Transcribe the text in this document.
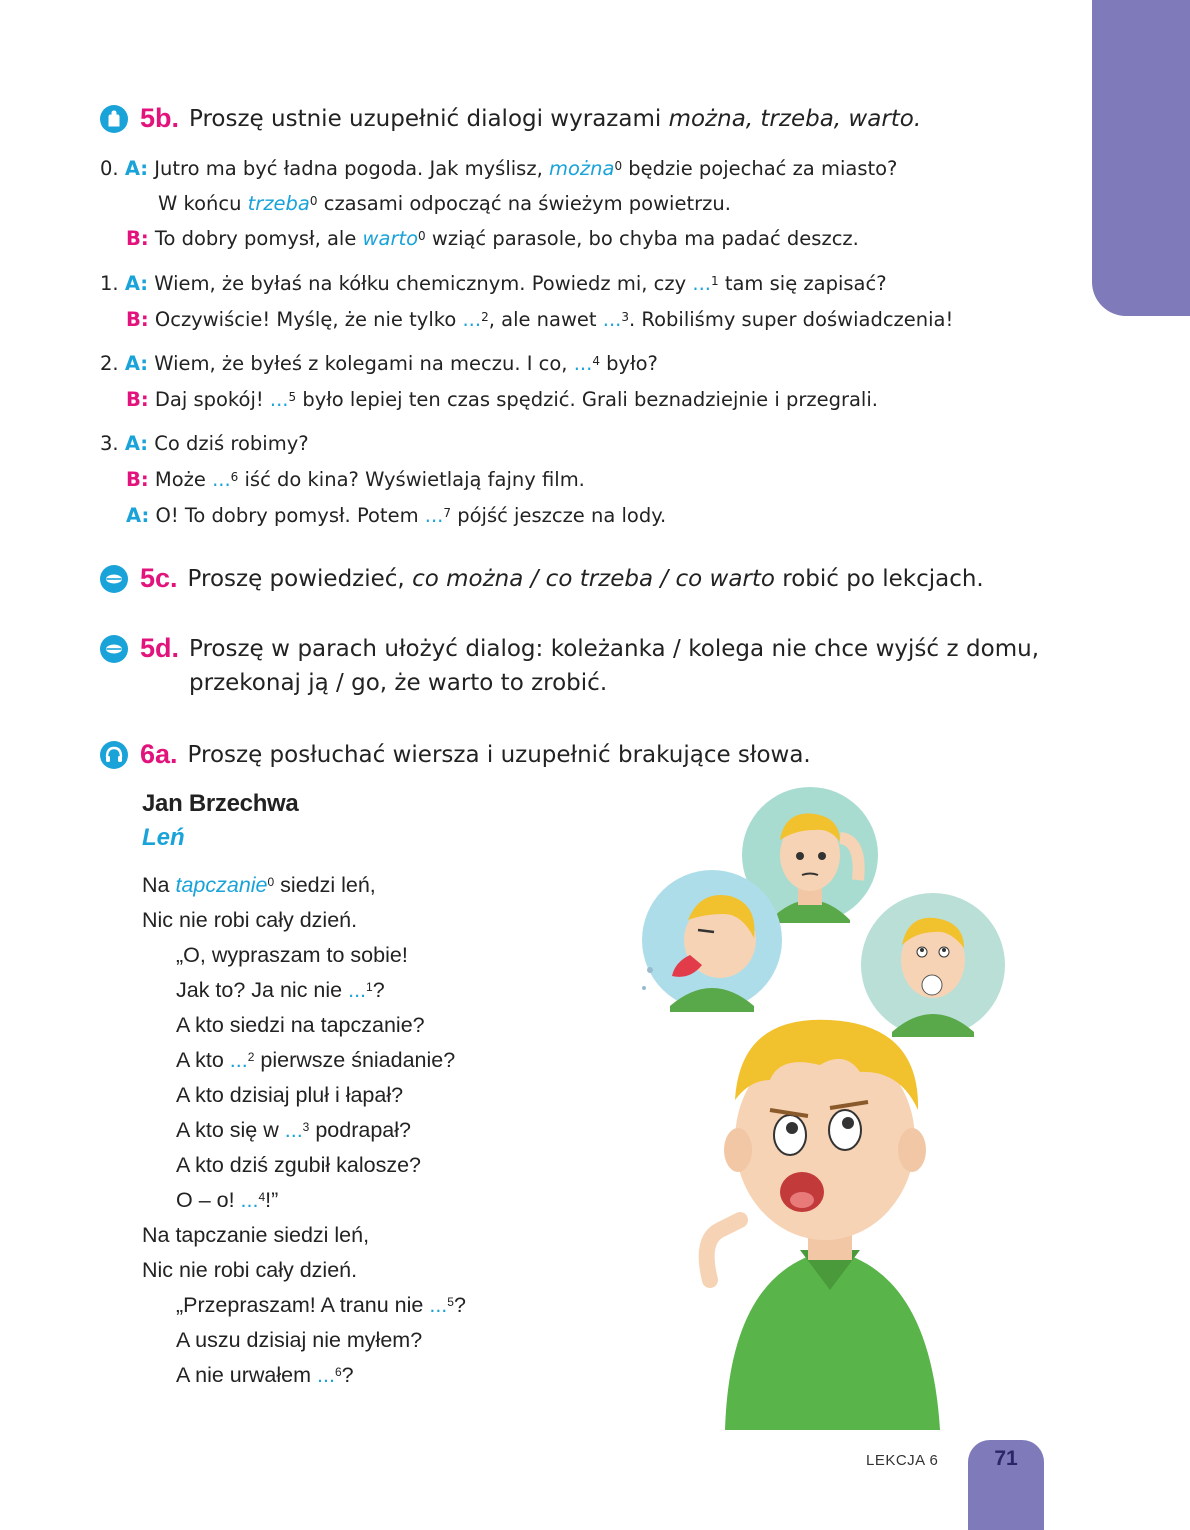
5b. Proszę ustnie uzupełnić dialogi wyrazami można, trzeba, warto.
0. A: Jutro ma być ładna pogoda. Jak myślisz, można$^0$ będzie pojechać za miasto?
W końcu trzeba$^0$ czasami odpocząć na świeżym powietrzu.
B: To dobry pomysł, ale warto$^0$ wziąć parasole, bo chyba ma padać deszcz.
1. A: Wiem, że byłaś na kółku chemicznym. Powiedz mi, czy ...$^1$ tam się zapisać?
B: Oczywiście! Myślę, że nie tylko ...$^2$, ale nawet ...$^3$. Robiliśmy super doświadczenia!
2. A: Wiem, że byłeś z kolegami na meczu. I co, ...$^4$ było?
B: Daj spokój! ...$^5$ było lepiej ten czas spędzić. Grali beznadziejnie i przegrali.
3. A: Co dziś robimy?
B: Może ...$^6$ iść do kina? Wyświetlają fajny film.
A: O! To dobry pomysł. Potem ...$^7$ pójść jeszcze na lody.
5c. Proszę powiedzieć, co można / co trzeba / co warto robić po lekcjach.
5d. Proszę w parach ułożyć dialog: koleżanka / kolega nie chce wyjść z domu, przekonaj ją / go, że warto to zrobić.
6a. Proszę posłuchać wiersza i uzupełnić brakujące słowa.
Jan Brzechwa
Leń
Na tapczanie$^0$ siedzi leń,
Nic nie robi cały dzień.
„O, wypraszam to sobie!
Jak to? Ja nic nie ...$^1$?
A kto siedzi na tapczanie?
A kto ...$^2$ pierwsze śniadanie?
A kto dzisiaj pluł i łapał?
A kto się w ...$^3$ podrapał?
A kto dziś zgubił kalosze?
O – o! ...$^4$!”
Na tapczanie siedzi leń,
Nic nie robi cały dzień.
„Przepraszam! A tranu nie ...$^5$?
A uszu dzisiaj nie myłem?
A nie urwałem ...$^6$?
LEKCJA 6	71
